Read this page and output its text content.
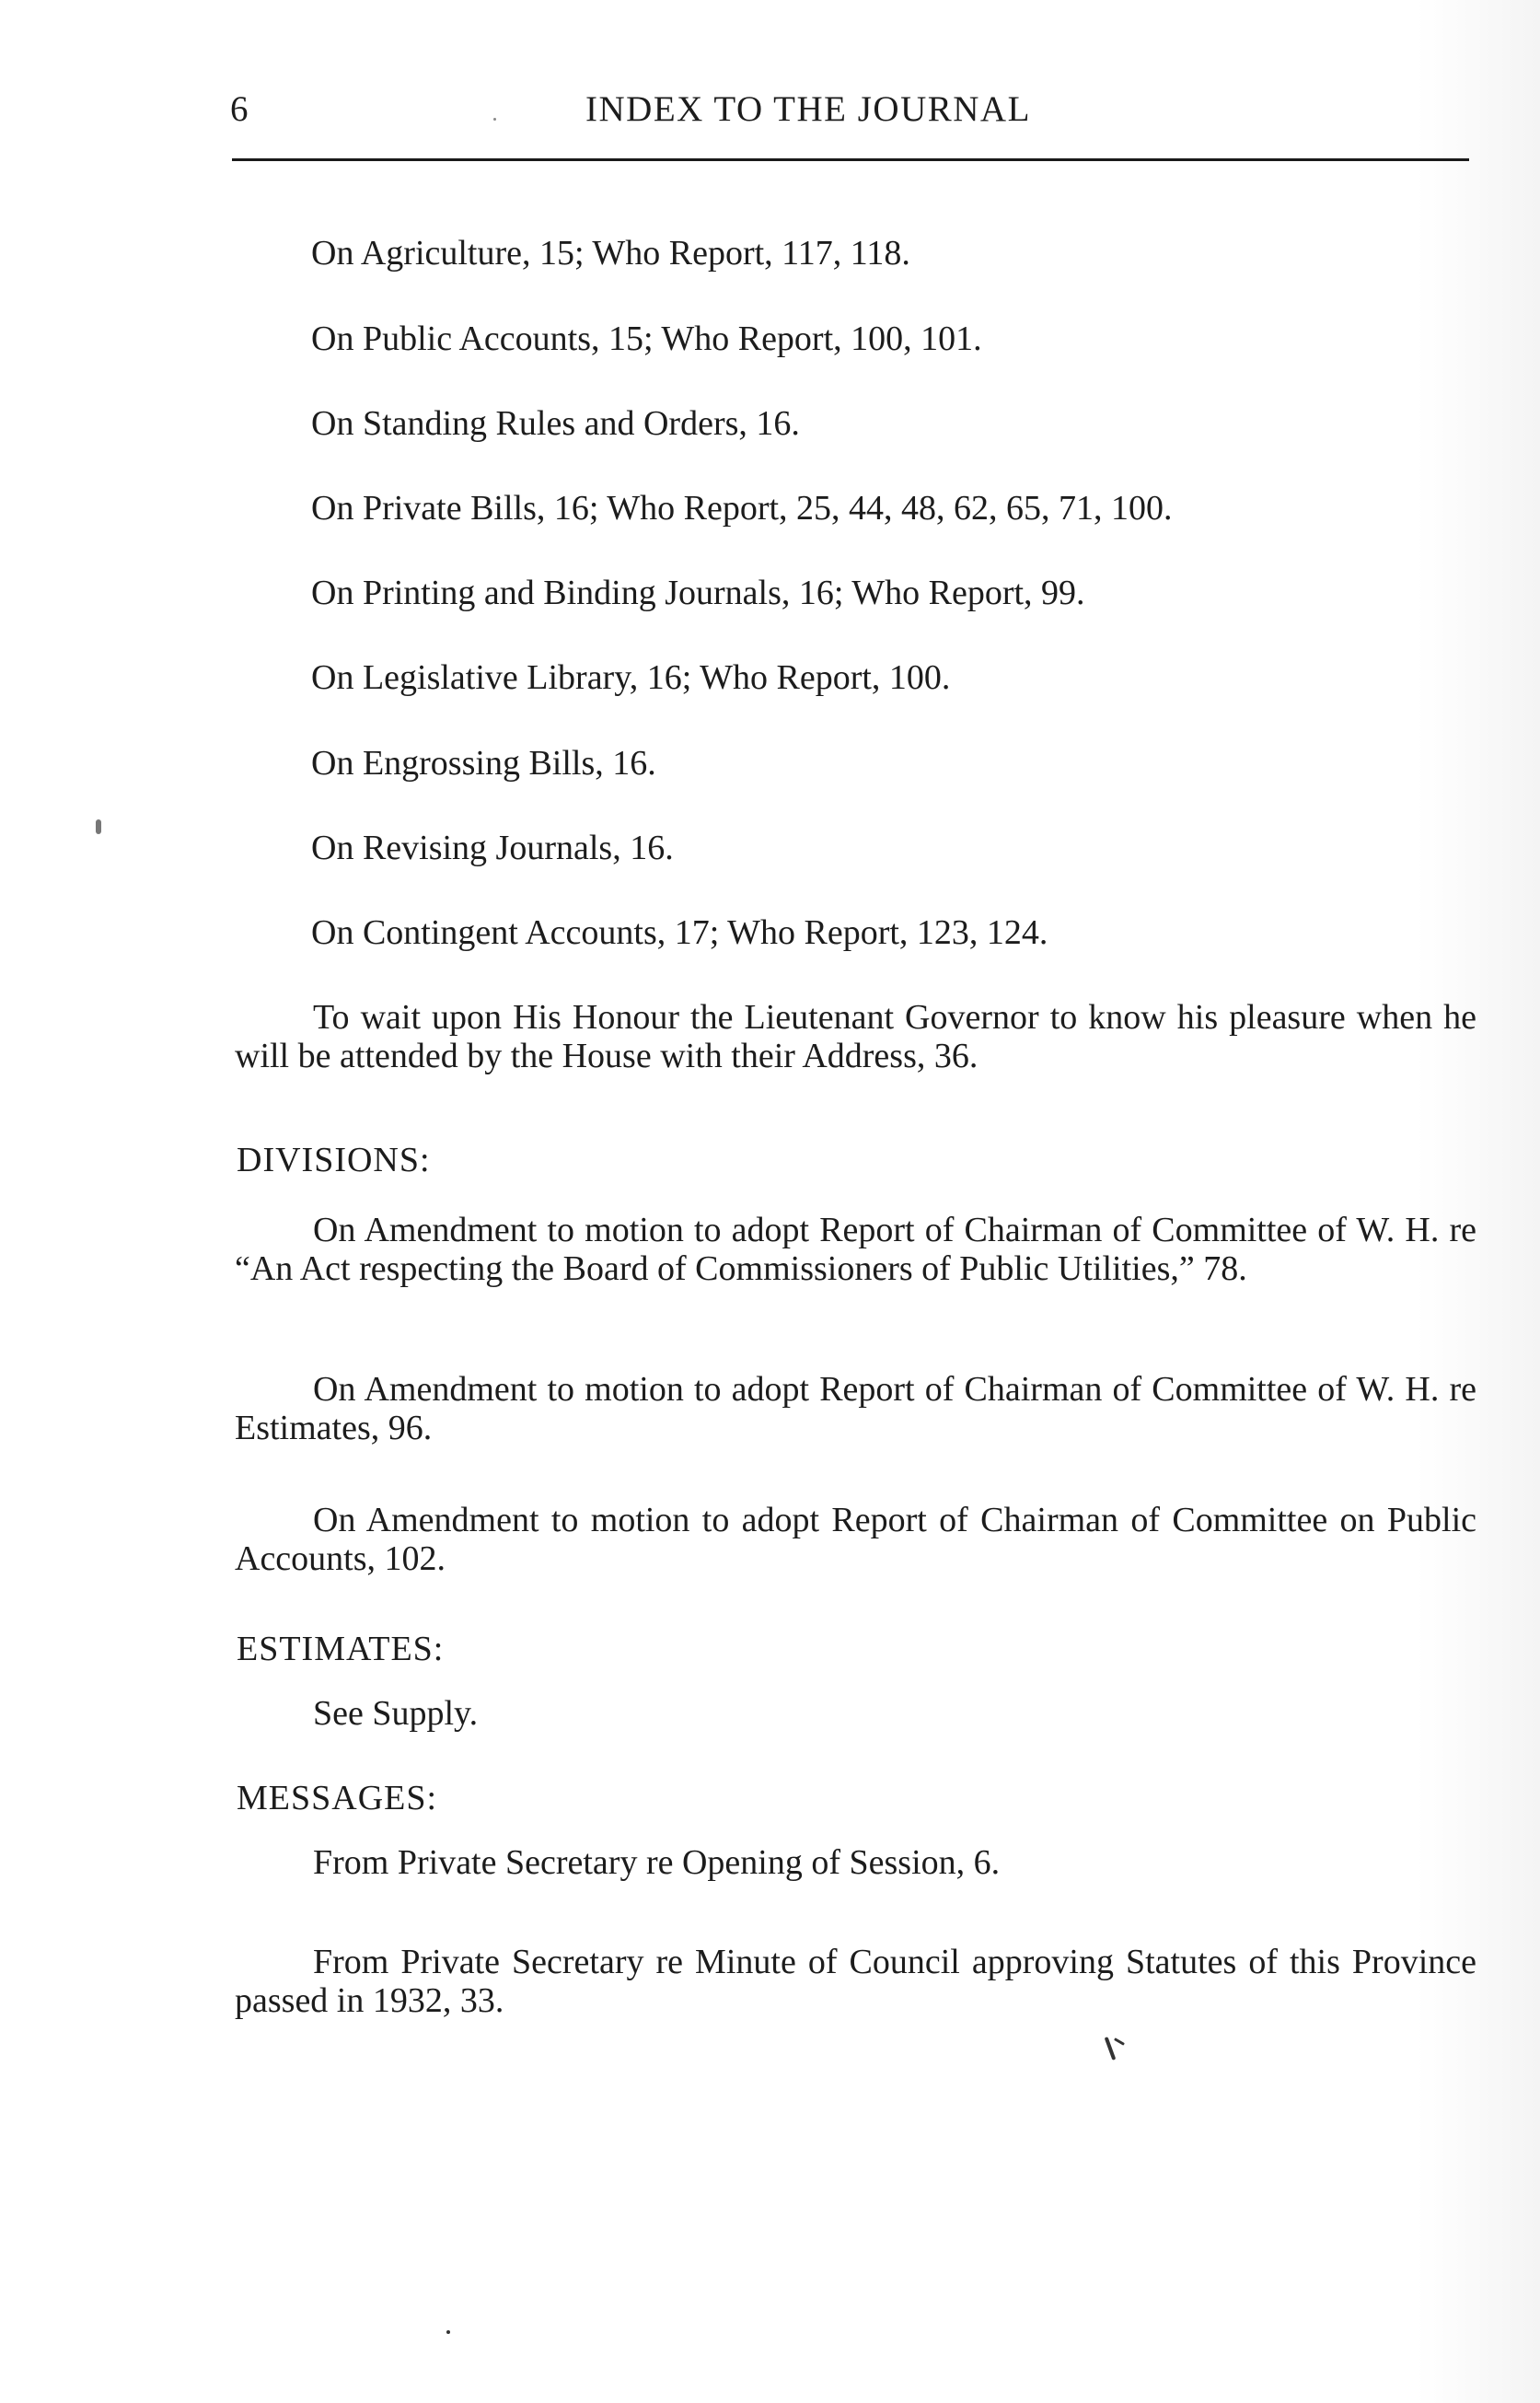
6	INDEX TO THE JOURNAL
On Agriculture, 15; Who Report, 117, 118.
On Public Accounts, 15; Who Report, 100, 101.
On Standing Rules and Orders, 16.
On Private Bills, 16; Who Report, 25, 44, 48, 62, 65, 71, 100.
On Printing and Binding Journals, 16; Who Report, 99.
On Legislative Library, 16; Who Report, 100.
On Engrossing Bills, 16.
On Revising Journals, 16.
On Contingent Accounts, 17; Who Report, 123, 124.
To wait upon His Honour the Lieutenant Governor to know his pleasure when he will be attended by the House with their Address, 36.
DIVISIONS:
On Amendment to motion to adopt Report of Chairman of Committee of W. H. re “An Act respecting the Board of Commissioners of Public Utilities,” 78.
On Amendment to motion to adopt Report of Chairman of Committee of W. H. re Estimates, 96.
On Amendment to motion to adopt Report of Chairman of Committee on Public Accounts, 102.
ESTIMATES:
See Supply.
MESSAGES:
From Private Secretary re Opening of Session, 6.
From Private Secretary re Minute of Council approving Statutes of this Province passed in 1932, 33.
